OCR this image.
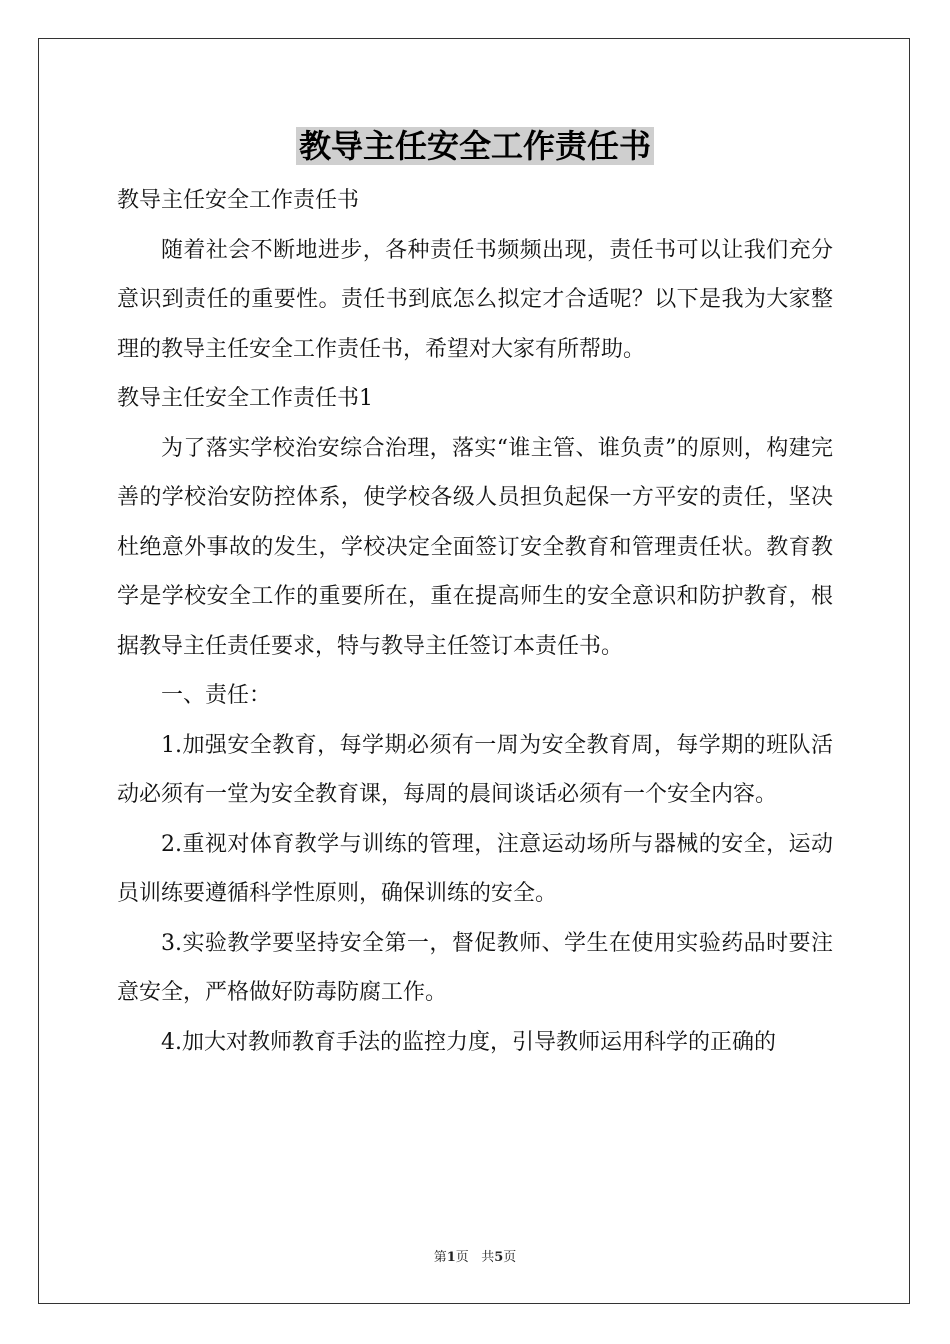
教导主任安全工作责任书

教导主任安全工作责任书

随着社会不断地进步，各种责任书频频出现，责任书可以让我们充分意识到责任的重要性。责任书到底怎么拟定才合适呢？以下是我为大家整理的教导主任安全工作责任书，希望对大家有所帮助。

教导主任安全工作责任书1

为了落实学校治安综合治理，落实“谁主管、谁负责”的原则，构建完善的学校治安防控体系，使学校各级人员担负起保一方平安的责任，坚决杜绝意外事故的发生，学校决定全面签订安全教育和管理责任状。教育教学是学校安全工作的重要所在，重在提高师生的安全意识和防护教育，根据教导主任责任要求，特与教导主任签订本责任书。

一、责任：

1.加强安全教育，每学期必须有一周为安全教育周，每学期的班队活动必须有一堂为安全教育课，每周的晨间谈话必须有一个安全内容。

2.重视对体育教学与训练的管理，注意运动场所与器械的安全，运动员训练要遵循科学性原则，确保训练的安全。

3.实验教学要坚持安全第一，督促教师、学生在使用实验药品时要注意安全，严格做好防毒防腐工作。

4.加大对教师教育手法的监控力度，引导教师运用科学的正确的

第1页 共5页
